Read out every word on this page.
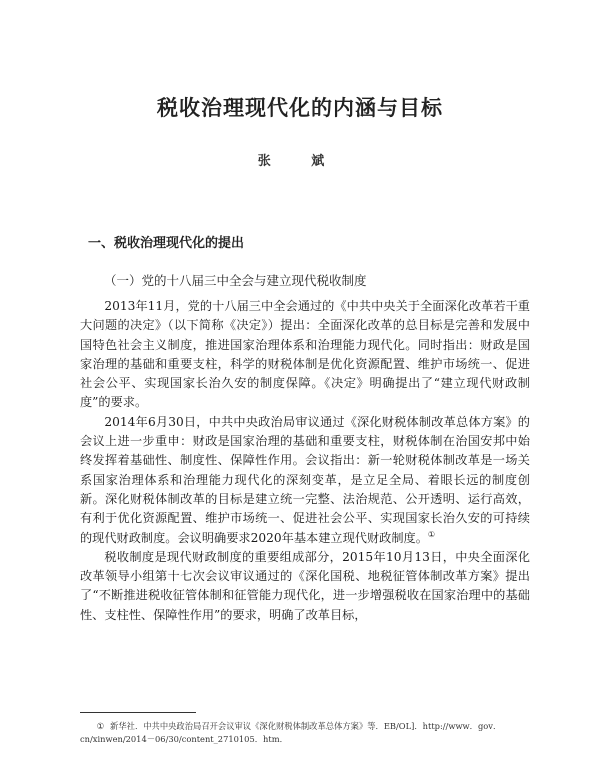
税收治理现代化的内涵与目标
张 斌
一、税收治理现代化的提出
（一）党的十八届三中全会与建立现代税收制度

2013年11月，党的十八届三中全会通过的《中共中央关于全面深化改革若干重大问题的决定》（以下简称《决定》）提出：全面深化改革的总目标是完善和发展中国特色社会主义制度，推进国家治理体系和治理能力现代化。同时指出：财政是国家治理的基础和重要支柱，科学的财税体制是优化资源配置、维护市场统一、促进社会公平、实现国家长治久安的制度保障。《决定》明确提出了“建立现代财政制度”的要求。

2014年6月30日，中共中央政治局审议通过《深化财税体制改革总体方案》的会议上进一步重申：财政是国家治理的基础和重要支柱，财税体制在治国安邦中始终发挥着基础性、制度性、保障性作用。会议指出：新一轮财税体制改革是一场关系国家治理体系和治理能力现代化的深刻变革，是立足全局、着眼长远的制度创新。深化财税体制改革的目标是建立统一完整、法治规范、公开透明、运行高效，有利于优化资源配置、维护市场统一、促进社会公平、实现国家长治久安的可持续的现代财政制度。会议明确要求2020年基本建立现代财政制度。①

税收制度是现代财政制度的重要组成部分，2015年10月13日，中央全面深化改革领导小组第十七次会议审议通过的《深化国税、地税征管体制改革方案》提出了“不断推进税收征管体制和征管能力现代化，进一步增强税收在国家治理中的基础性、支柱性、保障性作用”的要求，明确了改革目标，

① 新华社．中共中央政治局召开会议审议《深化财税体制改革总体方案》等．EB/OL]．http://www．gov．cn/xinwen/2014－06/30/content_2710105．htm．
